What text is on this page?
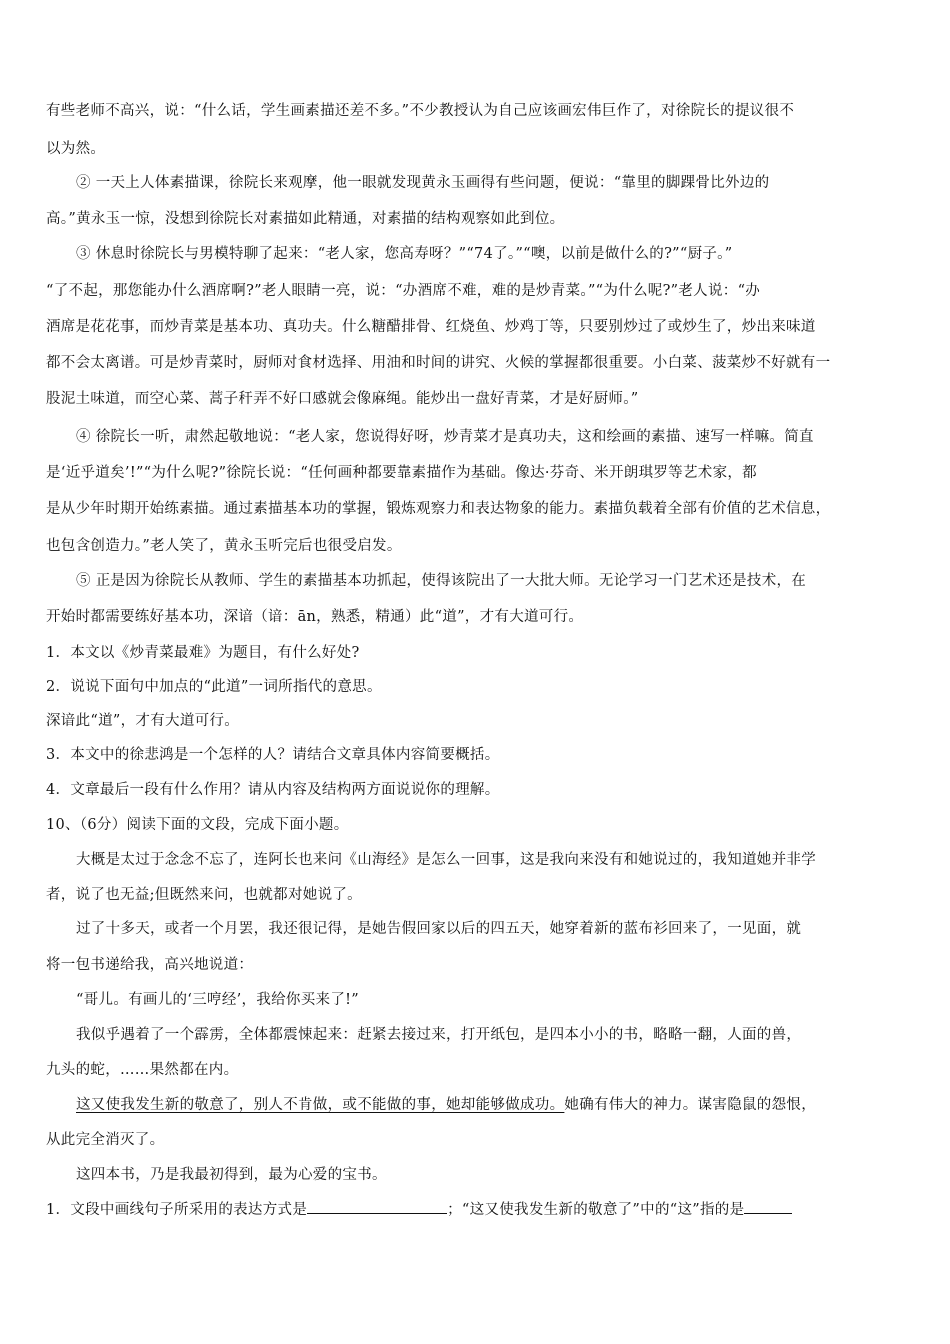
有些老师不高兴，说：“什么话，学生画素描还差不多。”不少教授认为自己应该画宏伟巨作了，对徐院长的提议很不
以为然。
② 一天上人体素描课，徐院长来观摩，他一眼就发现黄永玉画得有些问题，便说：“靠里的脚踝骨比外边的
高。”黄永玉一惊，没想到徐院长对素描如此精通，对素描的结构观察如此到位。
③ 休息时徐院长与男模特聊了起来：“老人家，您高寿呀？”“74了。”“噢，以前是做什么的?”“厨子。”
“了不起，那您能办什么酒席啊?”老人眼睛一亮，说：“办酒席不难，难的是炒青菜。”“为什么呢?”老人说：“办
酒席是花花事，而炒青菜是基本功、真功夫。什么糖醋排骨、红烧鱼、炒鸡丁等，只要别炒过了或炒生了，炒出来味道
都不会太离谱。可是炒青菜时，厨师对食材选择、用油和时间的讲究、火候的掌握都很重要。小白菜、菠菜炒不好就有一
股泥土味道，而空心菜、蒿子秆弄不好口感就会像麻绳。能炒出一盘好青菜，才是好厨师。”
④ 徐院长一听，肃然起敬地说：“老人家，您说得好呀，炒青菜才是真功夫，这和绘画的素描、速写一样嘛。简直
是‘近乎道矣’!”“为什么呢?”徐院长说：“任何画种都要靠素描作为基础。像达·芬奇、米开朗琪罗等艺术家，都
是从少年时期开始练素描。通过素描基本功的掌握，锻炼观察力和表达物象的能力。素描负载着全部有价值的艺术信息，
也包含创造力。”老人笑了，黄永玉听完后也很受启发。
⑤ 正是因为徐院长从教师、学生的素描基本功抓起，使得该院出了一大批大师。无论学习一门艺术还是技术，在
开始时都需要练好基本功，深谙（谙：ān，熟悉，精通）此“道”，才有大道可行。
1．本文以《炒青菜最难》为题目，有什么好处?
2．说说下面句中加点的“此道”一词所指代的意思。
深谙此“道”，才有大道可行。
3．本文中的徐悲鸿是一个怎样的人？请结合文章具体内容简要概括。
4．文章最后一段有什么作用？请从内容及结构两方面说说你的理解。
10、（6分）阅读下面的文段，完成下面小题。
大概是太过于念念不忘了，连阿长也来问《山海经》是怎么一回事，这是我向来没有和她说过的，我知道她并非学
者，说了也无益;但既然来问，也就都对她说了。
过了十多天，或者一个月罢，我还很记得，是她告假回家以后的四五天，她穿着新的蓝布衫回来了，一见面，就
将一包书递给我，高兴地说道：
“哥儿。有画儿的‘三哼经’，我给你买来了!”
我似乎遇着了一个霹雳，全体都震悚起来：赶紧去接过来，打开纸包，是四本小小的书，略略一翻，人面的兽，
九头的蛇，……果然都在内。
这又使我发生新的敬意了，别人不肯做，或不能做的事，她却能够做成功。她确有伟大的神力。谋害隐鼠的怨恨，
从此完全消灭了。
这四本书，乃是我最初得到，最为心爱的宝书。
1．文段中画线句子所采用的表达方式是	；“这又使我发生新的敬意了”中的“这”指的是
